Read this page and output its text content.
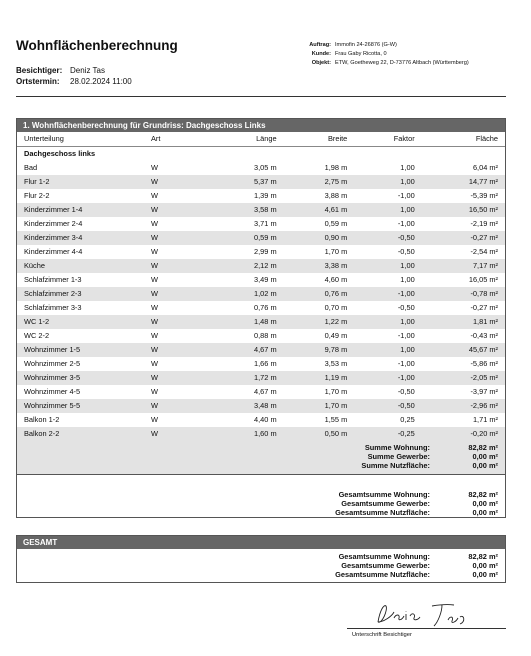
Wohnflächenberechnung
Besichtiger: Deniz Tas
Ortstermin:	28.02.2024 11:00
Auftrag: Immofin 24-26876 (G-W)
Kunde: Frau Gaby Ricotta, 0
Objekt: ETW, Goetheweg 22, D-73776 Altbach (Württemberg)
1. Wohnflächenberechnung für Grundriss: Dachgeschoss Links
Unterteilung	Art	Länge	Breite	Faktor	Fläche
Dachgeschoss links					
Bad	W	3,05 m	1,98 m	1,00	6,04 m²
Flur 1-2	W	5,37 m	2,75 m	1,00	14,77 m²
Flur 2-2	W	1,39 m	3,88 m	-1,00	-5,39 m²
Kinderzimmer 1-4	W	3,58 m	4,61 m	1,00	16,50 m²
Kinderzimmer 2-4	W	3,71 m	0,59 m	-1,00	-2,19 m²
Kinderzimmer 3-4	W	0,59 m	0,90 m	-0,50	-0,27 m²
Kinderzimmer 4-4	W	2,99 m	1,70 m	-0,50	-2,54 m²
Küche	W	2,12 m	3,38 m	1,00	7,17 m²
Schlafzimmer 1-3	W	3,49 m	4,60 m	1,00	16,05 m²
Schlafzimmer 2-3	W	1,02 m	0,76 m	-1,00	-0,78 m²
Schlafzimmer 3-3	W	0,76 m	0,70 m	-0,50	-0,27 m²
WC 1-2	W	1,48 m	1,22 m	1,00	1,81 m²
WC 2-2	W	0,88 m	0,49 m	-1,00	-0,43 m²
Wohnzimmer 1-5	W	4,67 m	9,78 m	1,00	45,67 m²
Wohnzimmer 2-5	W	1,66 m	3,53 m	-1,00	-5,86 m²
Wohnzimmer 3-5	W	1,72 m	1,19 m	-1,00	-2,05 m²
Wohnzimmer 4-5	W	4,67 m	1,70 m	-0,50	-3,97 m²
Wohnzimmer 5-5	W	3,48 m	1,70 m	-0,50	-2,96 m²
Balkon 1-2	W	4,40 m	1,55 m	0,25	1,71 m²
Balkon 2-2	W	1,60 m	0,50 m	-0,25	-0,20 m²
Summe Wohnung:	82,82 m²
Summe Gewerbe:	0,00 m²
Summe Nutzfläche:	0,00 m²
Gesamtsumme Wohnung:	82,82 m²
Gesamtsumme Gewerbe:	0,00 m²
Gesamtsumme Nutzfläche:	0,00 m²
GESAMT
Gesamtsumme Wohnung:	82,82 m²
Gesamtsumme Gewerbe:	0,00 m²
Gesamtsumme Nutzfläche:	0,00 m²
Unterschrift Besichtiger
